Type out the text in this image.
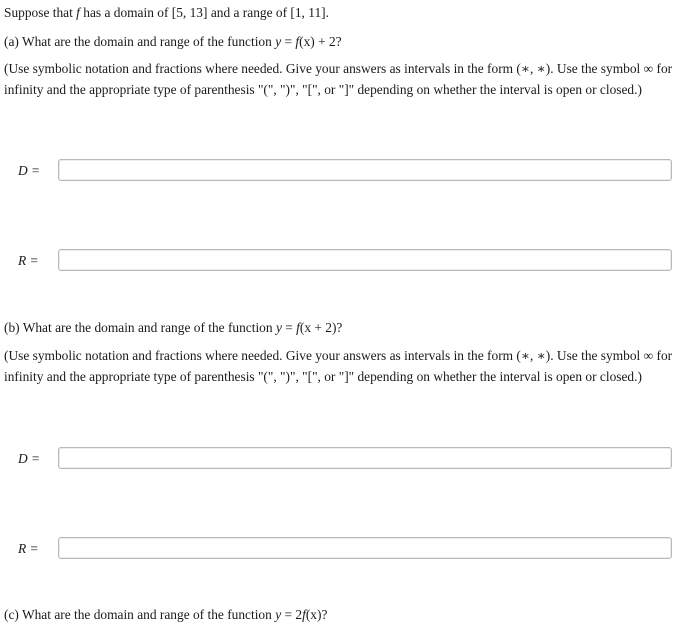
Suppose that f has a domain of [5, 13] and a range of [1, 11].
(a) What are the domain and range of the function y = f(x) + 2?
(Use symbolic notation and fractions where needed. Give your answers as intervals in the form (∗, ∗). Use the symbol ∞ for
infinity and the appropriate type of parenthesis "(", ")", "[", or "]" depending on whether the interval is open or closed.)
D =
R =
(b) What are the domain and range of the function y = f(x + 2)?
(Use symbolic notation and fractions where needed. Give your answers as intervals in the form (∗, ∗). Use the symbol ∞ for
infinity and the appropriate type of parenthesis "(", ")", "[", or "]" depending on whether the interval is open or closed.)
D =
R =
(c) What are the domain and range of the function y = 2f(x)?
